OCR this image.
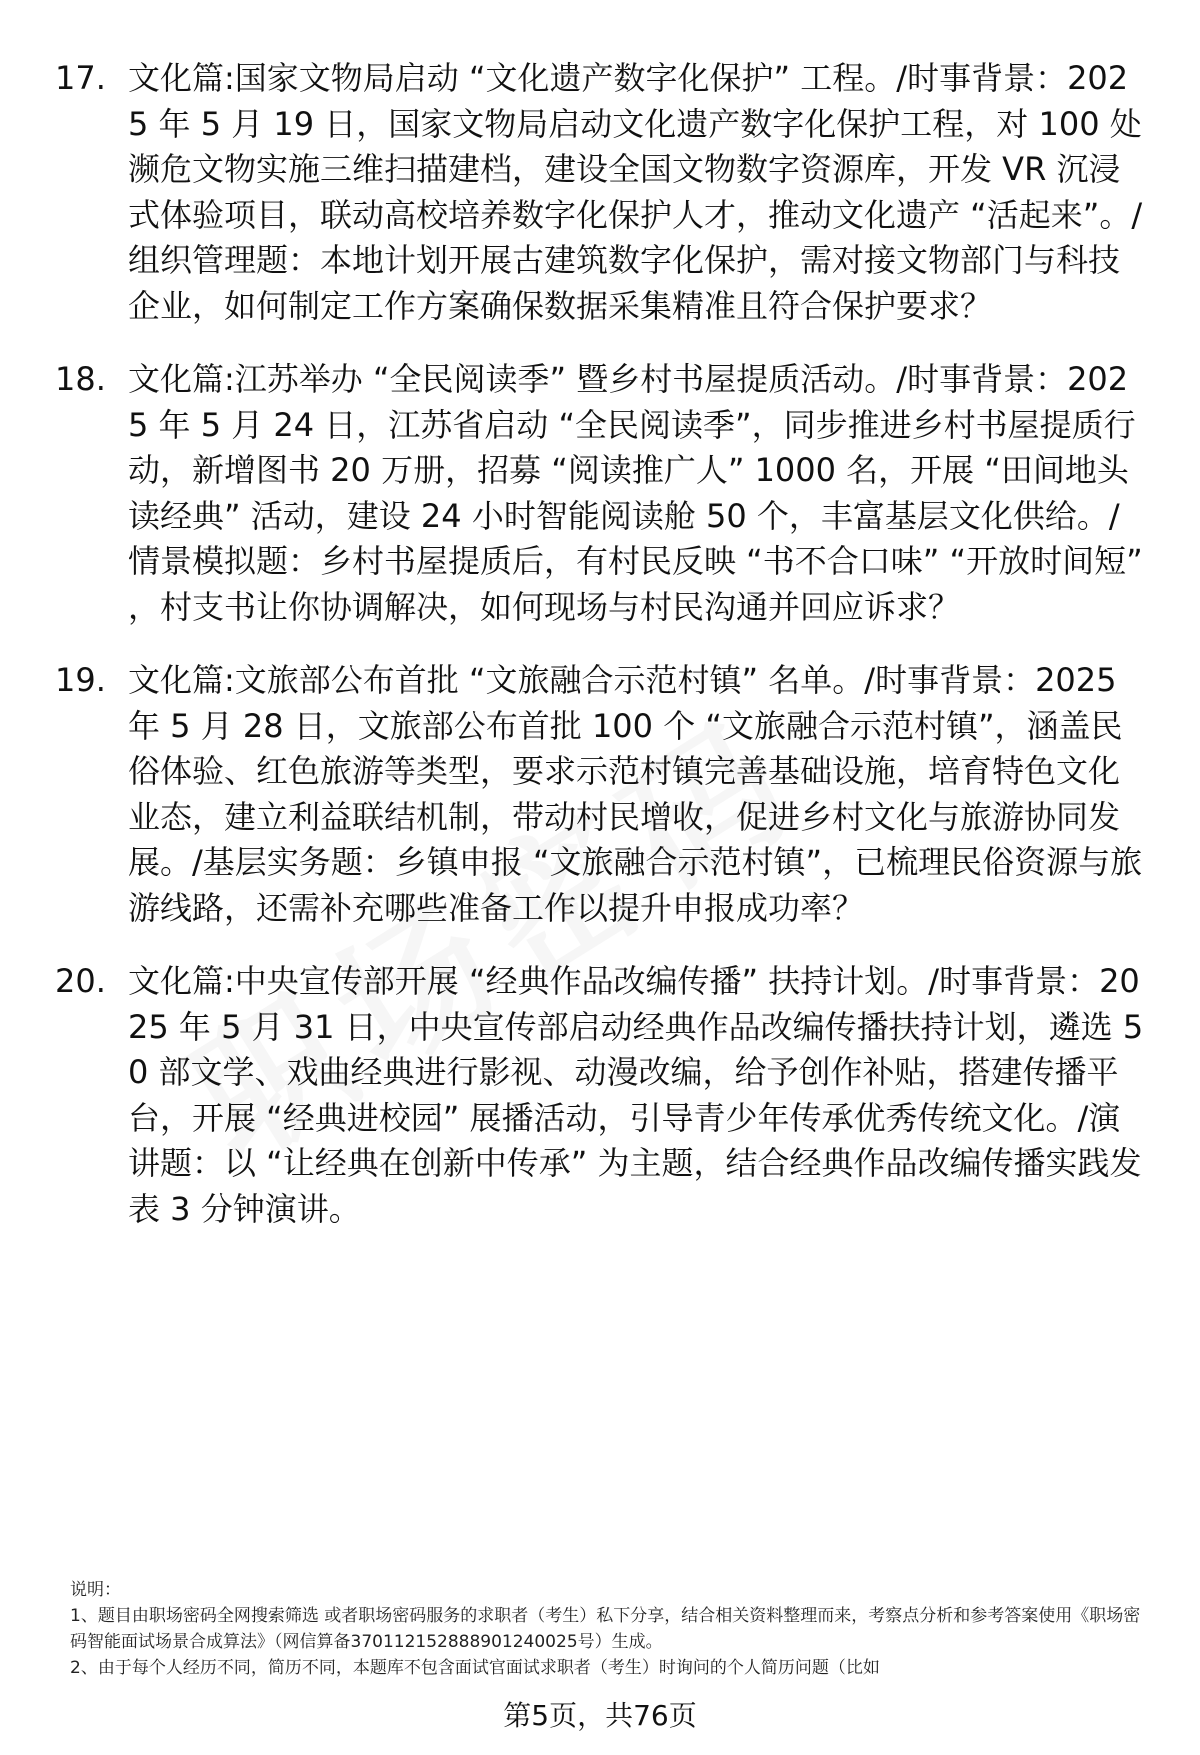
17. 文化篇:国家文物局启动 “文化遗产数字化保护” 工程。/时事背景：2025 年 5 月 19 日，国家文物局启动文化遗产数字化保护工程，对 100 处濒危文物实施三维扫描建档，建设全国文物数字资源库，开发 VR 沉浸式体验项目，联动高校培养数字化保护人才，推动文化遗产 “活起来”。/组织管理题：本地计划开展古建筑数字化保护，需对接文物部门与科技企业，如何制定工作方案确保数据采集精准且符合保护要求？
18. 文化篇:江苏举办 “全民阅读季” 暨乡村书屋提质活动。/时事背景：2025 年 5 月 24 日，江苏省启动 “全民阅读季”，同步推进乡村书屋提质行动，新增图书 20 万册，招募 “阅读推广人” 1000 名，开展 “田间地头读经典” 活动，建设 24 小时智能阅读舱 50 个，丰富基层文化供给。/情景模拟题：乡村书屋提质后，有村民反映 “书不合口味” “开放时间短”，村支书让你协调解决，如何现场与村民沟通并回应诉求？
19. 文化篇:文旅部公布首批 “文旅融合示范村镇” 名单。/时事背景：2025 年 5 月 28 日，文旅部公布首批 100 个 “文旅融合示范村镇”，涵盖民俗体验、红色旅游等类型，要求示范村镇完善基础设施，培育特色文化业态，建立利益联结机制，带动村民增收，促进乡村文化与旅游协同发展。/基层实务题：乡镇申报 “文旅融合示范村镇”，已梳理民俗资源与旅游线路，还需补充哪些准备工作以提升申报成功率？
20. 文化篇:中央宣传部开展 “经典作品改编传播” 扶持计划。/时事背景：2025 年 5 月 31 日，中央宣传部启动经典作品改编传播扶持计划，遴选 50 部文学、戏曲经典进行影视、动漫改编，给予创作补贴，搭建传播平台，开展 “经典进校园” 展播活动，引导青少年传承优秀传统文化。/演讲题：以 “让经典在创新中传承” 为主题，结合经典作品改编传播实践发表 3 分钟演讲。

说明：

1、题目由职场密码全网搜索筛选 或者职场密码服务的求职者（考生）私下分享，结合相关资料整理而来，考察点分析和参考答案使用《职场密码智能面试场景合成算法》（网信算备370112152888901240025号）生成。

2、由于每个人经历不同，简历不同，本题库不包含面试官面试求职者（考生）时询问的个人简历问题（比如

第5页，共76页
